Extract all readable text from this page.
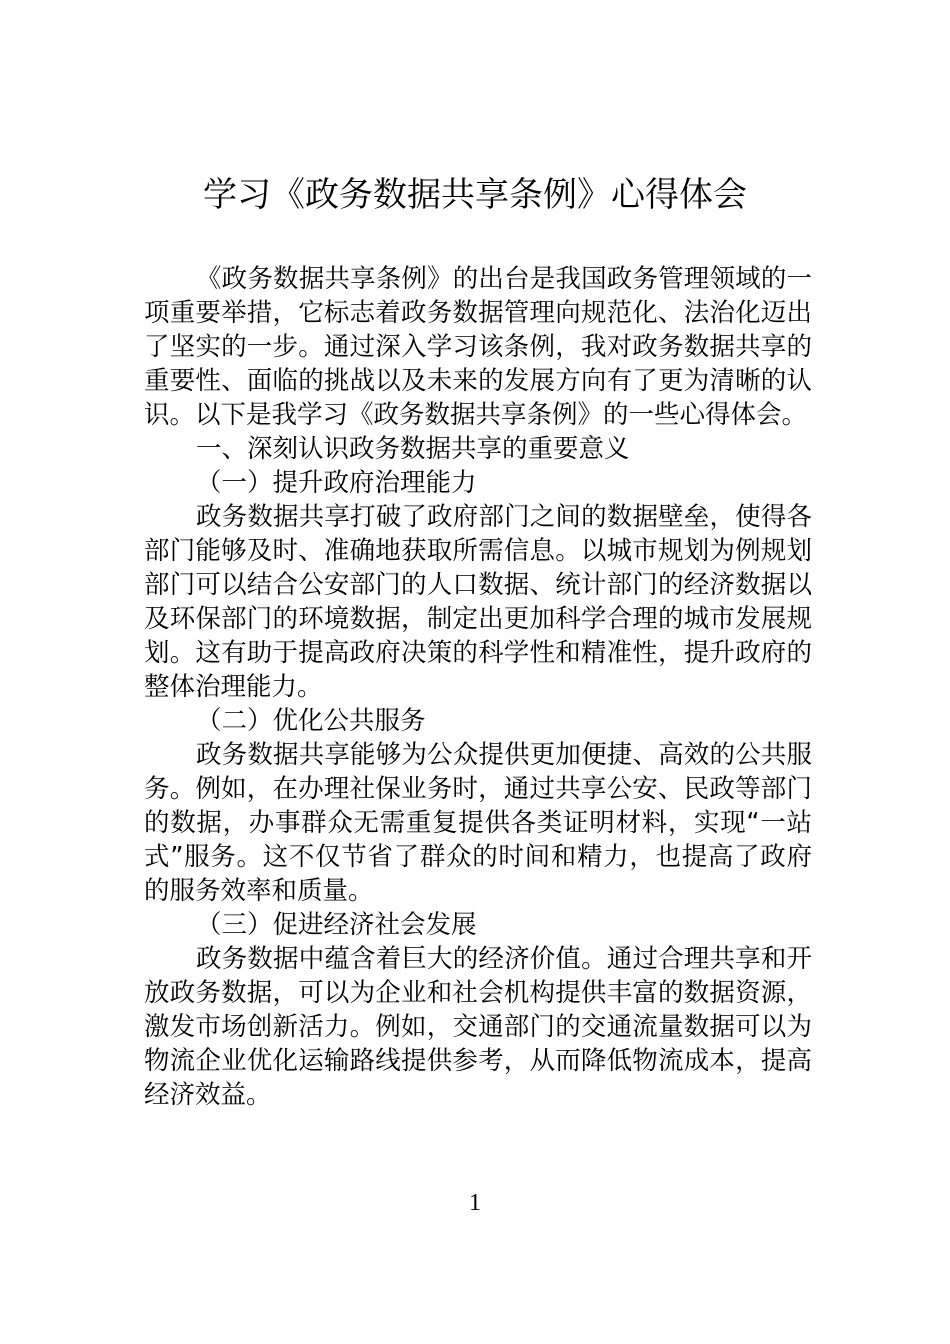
学习《政务数据共享条例》心得体会

《政务数据共享条例》的出台是我国政务管理领域的一项重要举措，它标志着政务数据管理向规范化、法治化迈出了坚实的一步。通过深入学习该条例，我对政务数据共享的重要性、面临的挑战以及未来的发展方向有了更为清晰的认识。以下是我学习《政务数据共享条例》的一些心得体会。

一、深刻认识政务数据共享的重要意义

（一）提升政府治理能力

政务数据共享打破了政府部门之间的数据壁垒，使得各部门能够及时、准确地获取所需信息。以城市规划为例规划部门可以结合公安部门的人口数据、统计部门的经济数据以及环保部门的环境数据，制定出更加科学合理的城市发展规划。这有助于提高政府决策的科学性和精准性，提升政府的整体治理能力。

（二）优化公共服务

政务数据共享能够为公众提供更加便捷、高效的公共服务。例如，在办理社保业务时，通过共享公安、民政等部门的数据，办事群众无需重复提供各类证明材料，实现“一站式”服务。这不仅节省了群众的时间和精力，也提高了政府的服务效率和质量。

（三）促进经济社会发展

政务数据中蕴含着巨大的经济价值。通过合理共享和开放政务数据，可以为企业和社会机构提供丰富的数据资源，激发市场创新活力。例如，交通部门的交通流量数据可以为物流企业优化运输路线提供参考，从而降低物流成本，提高经济效益。

1
